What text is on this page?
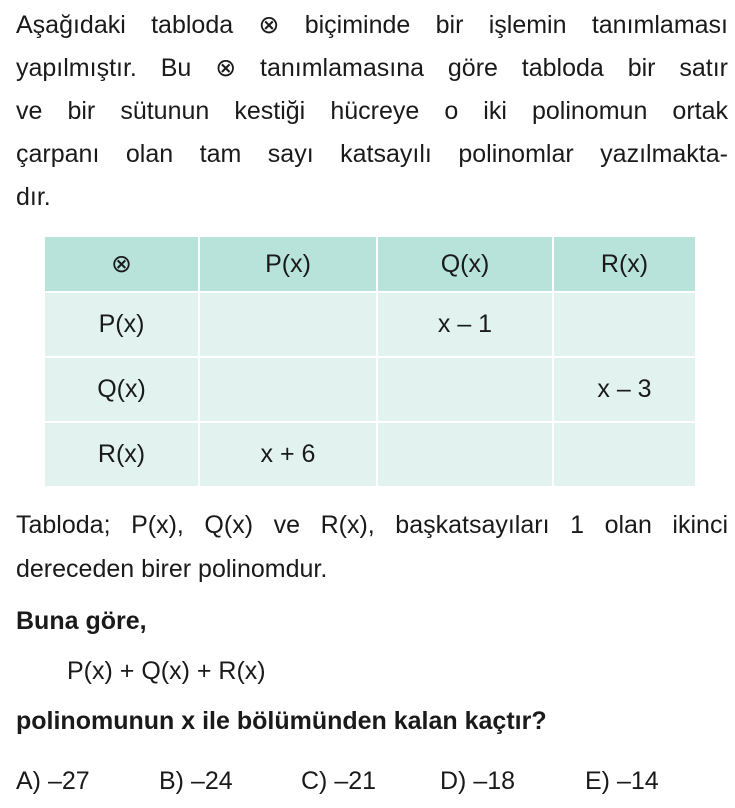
Aşağıdaki tabloda ⊗ biçiminde bir işlemin tanımlaması
yapılmıştır. Bu ⊗ tanımlamasına göre tabloda bir satır
ve bir sütunun kestiği hücreye o iki polinomun ortak
çarpanı olan tam sayı katsayılı polinomlar yazılmakta-
dır.
⊗	P(x)	Q(x)	R(x)
P(x)		x – 1	
Q(x)			x – 3
R(x)	x + 6		
Tabloda; P(x), Q(x) ve R(x), başkatsayıları 1 olan ikinci
dereceden birer polinomdur.
Buna göre,
P(x) + Q(x) + R(x)
polinomunun x ile bölümünden kalan kaçtır?
A) –27	B) –24	C) –21	D) –18	E) –14
